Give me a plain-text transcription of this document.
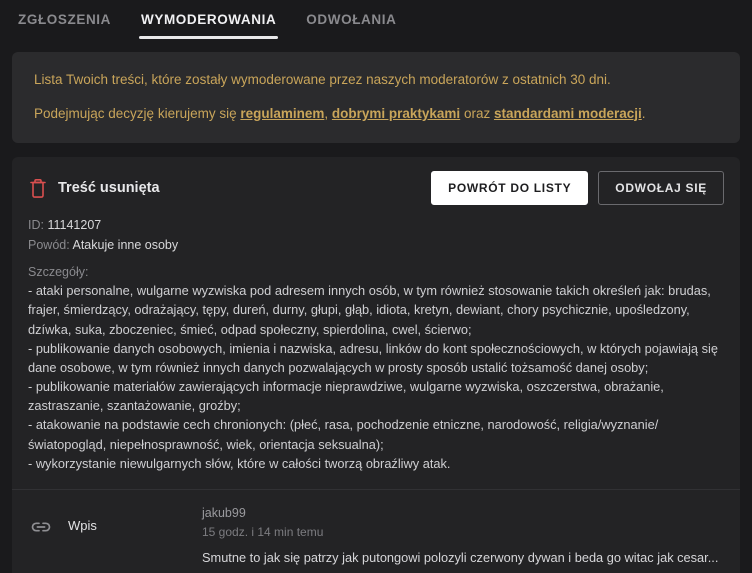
ZGŁOSZENIA WYMODEROWANIA ODWOŁANIA

Lista Twoich treści, które zostały wymoderowane przez naszych moderatorów z ostatnich 30 dni.

Podejmując decyzję kierujemy się regulaminem, dobrymi praktykami oraz standardami moderacji.

Treść usunięta	POWRÓT DO LISTY	ODWOŁAJ SIĘ
ID: 11141207
Powód: Atakuje inne osoby
Szczegóły:
- ataki personalne, wulgarne wyzwiska pod adresem innych osób, w tym również stosowanie takich określeń jak: brudas, frajer, śmierdzący, odrażający, tępy, dureń, durny, głupi, głąb, idiota, kretyn, dewiant, chory psychicznie, upośledzony, dzíwka, suka, zboczeniec, śmieć, odpad społeczny, spierdolina, cwel, ścierwo;
- publikowanie danych osobowych, imienia i nazwiska, adresu, linków do kont społecznościowych, w których pojawiają się dane osobowe, w tym również innych danych pozwalających w prosty sposób ustalić tożsamość danej osoby;
- publikowanie materiałów zawierających informacje nieprawdziwe, wulgarne wyzwiska, oszczerstwa, obrażanie, zastraszanie, szantażowanie, groźby;
- atakowanie na podstawie cech chronionych: (płeć, rasa, pochodzenie etniczne, narodowość, religia/wyznanie/światopogląd, niepełnosprawność, wiek, orientacja seksualna);
- wykorzystanie niewulgarnych słów, które w całości tworzą obraźliwy atak.
Wpis
jakub99
15 godz. i 14 min temu
Smutne to jak się patrzy jak putongowi polozyli czerwony dywan i beda go witac jak cesar...
